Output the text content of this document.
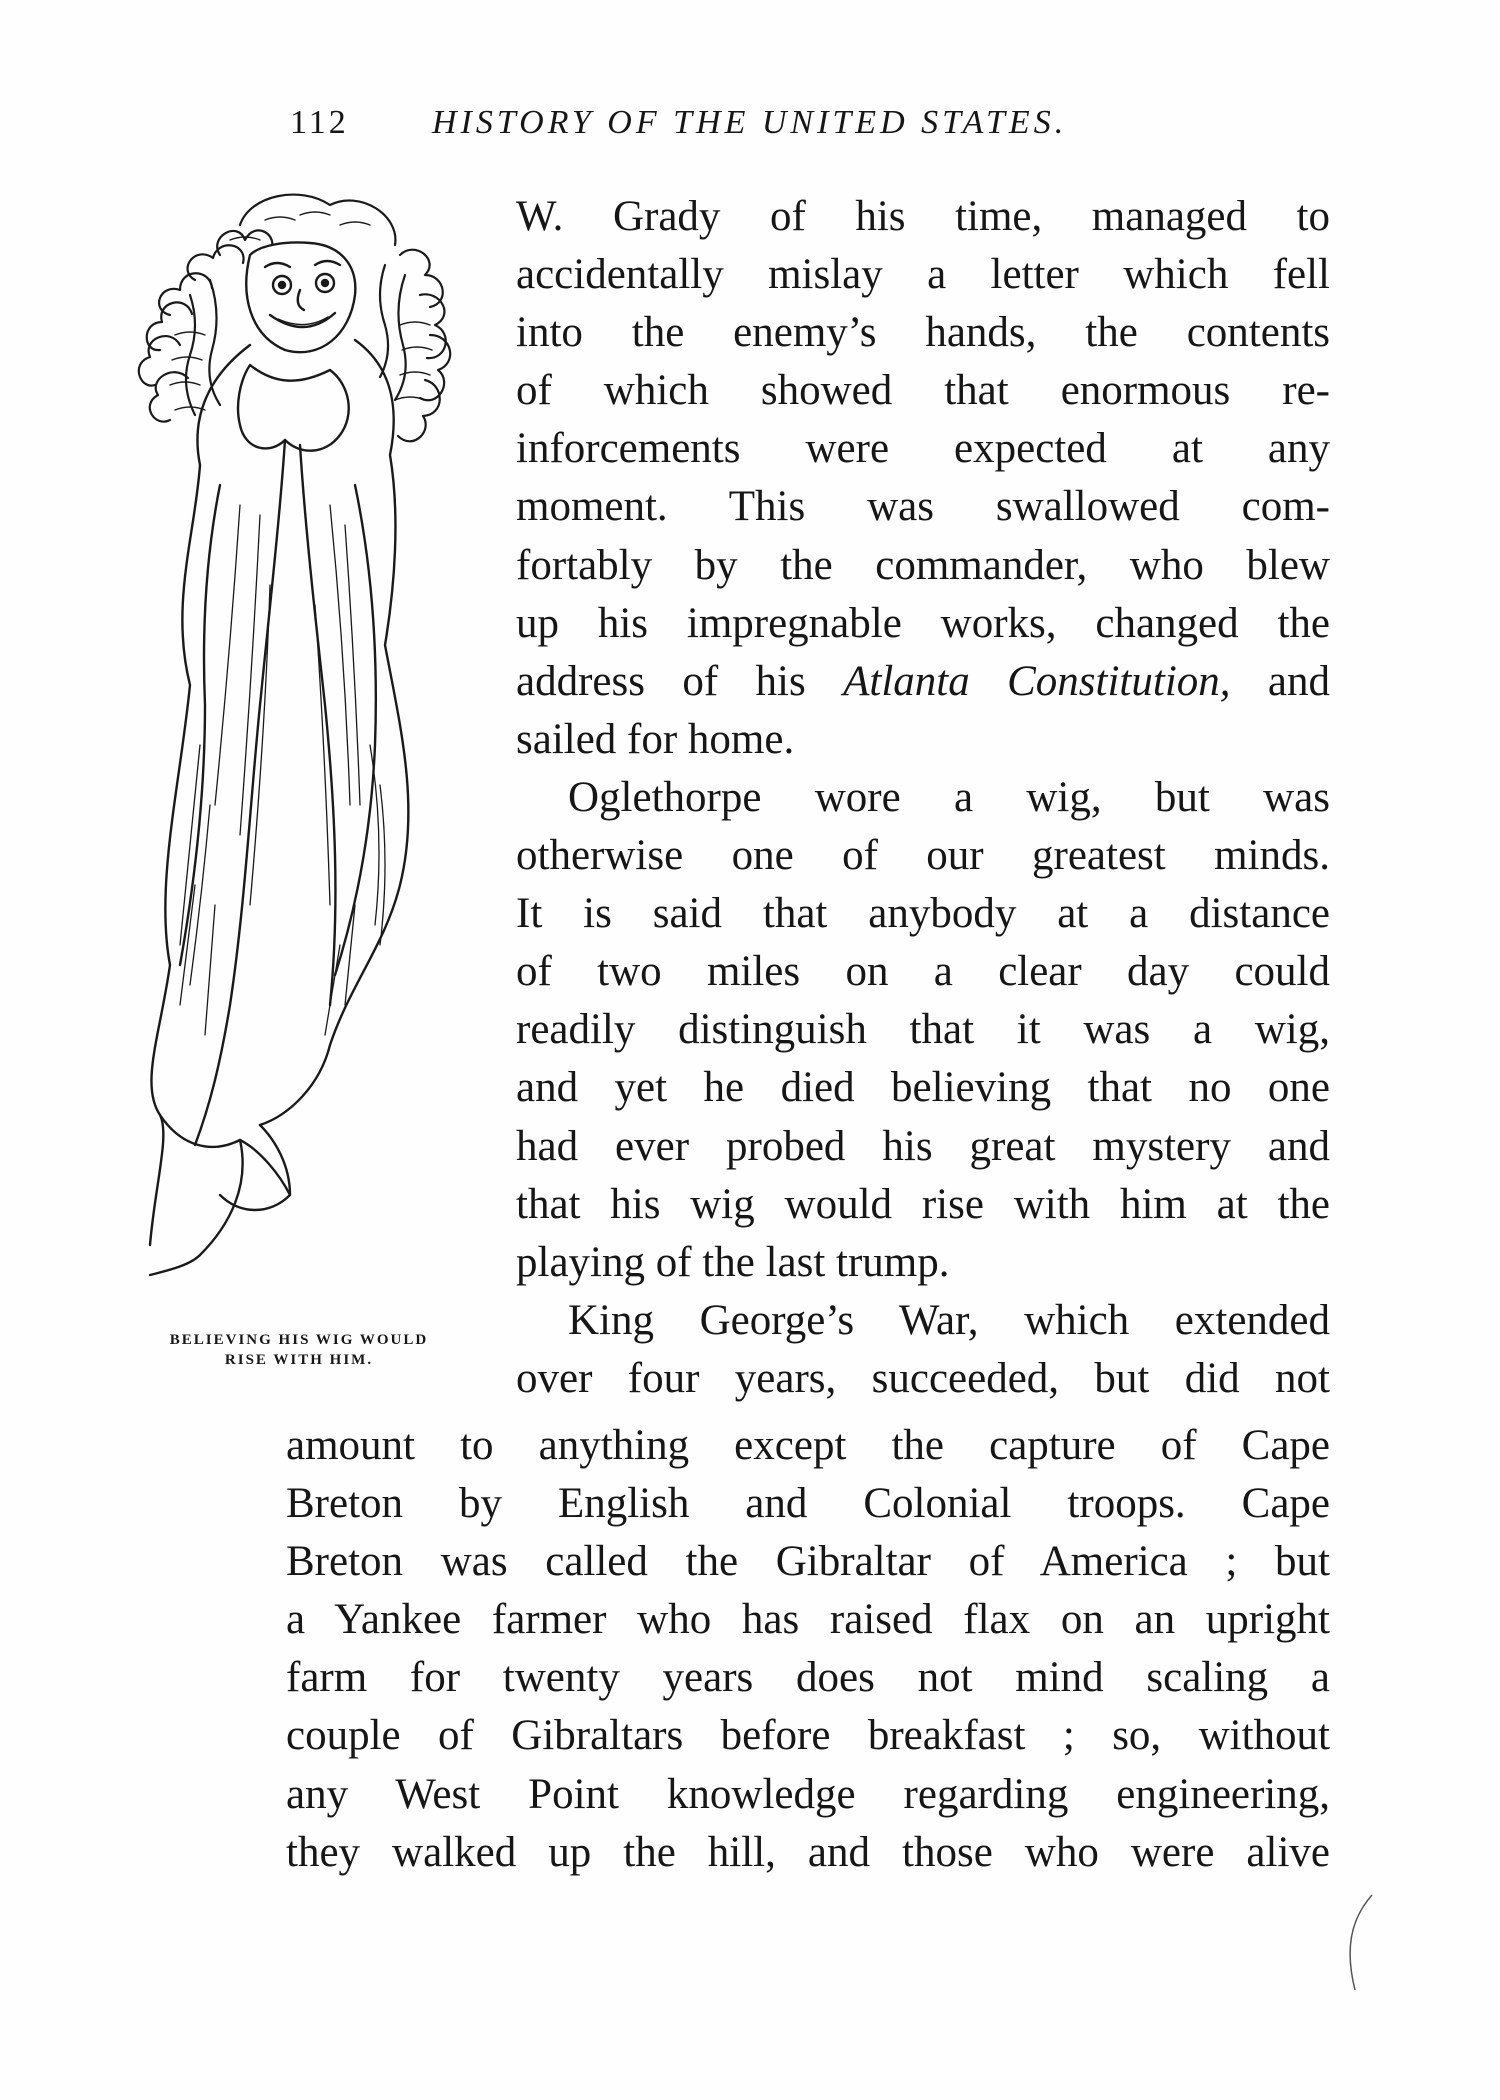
112 HISTORY OF THE UNITED STATES.
BELIEVING HIS WIG WOULD
RISE WITH HIM.
W. Grady of his time, managed to
accidentally mislay a letter which fell
into the enemy’s hands, the contents
of which showed that enormous re-
inforcements were expected at any
moment. This was swallowed com-
fortably by the commander, who blew
up his impregnable works, changed the
address of his Atlanta Constitution, and
sailed for home.
Oglethorpe wore a wig, but was
otherwise one of our greatest minds.
It is said that anybody at a distance
of two miles on a clear day could
readily distinguish that it was a wig,
and yet he died believing that no one
had ever probed his great mystery and
that his wig would rise with him at the
playing of the last trump.
King George’s War, which extended
over four years, succeeded, but did not
amount to anything except the capture of Cape
Breton by English and Colonial troops. Cape
Breton was called the Gibraltar of America ; but
a Yankee farmer who has raised flax on an upright
farm for twenty years does not mind scaling a
couple of Gibraltars before breakfast ; so, without
any West Point knowledge regarding engineering,
they walked up the hill, and those who were alive
